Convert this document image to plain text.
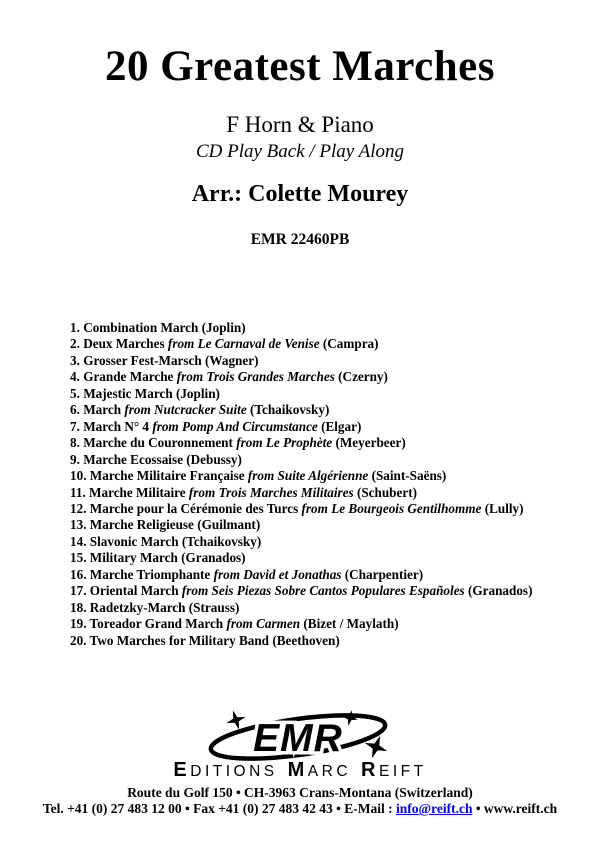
20 Greatest Marches
F Horn & Piano
CD Play Back / Play Along
Arr.: Colette Mourey
EMR 22460PB
1. Combination March (Joplin)
2. Deux Marches from Le Carnaval de Venise (Campra)
3. Grosser Fest-Marsch (Wagner)
4. Grande Marche from Trois Grandes Marches (Czerny)
5. Majestic March (Joplin)
6. March from Nutcracker Suite (Tchaikovsky)
7. March N° 4 from Pomp And Circumstance (Elgar)
8. Marche du Couronnement from Le Prophète (Meyerbeer)
9. Marche Ecossaise (Debussy)
10. Marche Militaire Française from Suite Algérienne (Saint-Saëns)
11. Marche Militaire from Trois Marches Militaires (Schubert)
12. Marche pour la Cérémonie des Turcs from Le Bourgeois Gentilhomme (Lully)
13. Marche Religieuse (Guilmant)
14. Slavonic March (Tchaikovsky)
15. Military March (Granados)
16. Marche Triomphante from David et Jonathas (Charpentier)
17. Oriental March from Seis Piezas Sobre Cantos Populares Españoles (Granados)
18. Radetzky-March (Strauss)
19. Toreador Grand March from Carmen (Bizet / Maylath)
20. Two Marches for Military Band (Beethoven)
EMR
EDITIONS MARC REIFT
Route du Golf 150 • CH-3963 Crans-Montana (Switzerland)
Tel. +41 (0) 27 483 12 00 • Fax +41 (0) 27 483 42 43 • E-Mail : info@reift.ch • www.reift.ch
